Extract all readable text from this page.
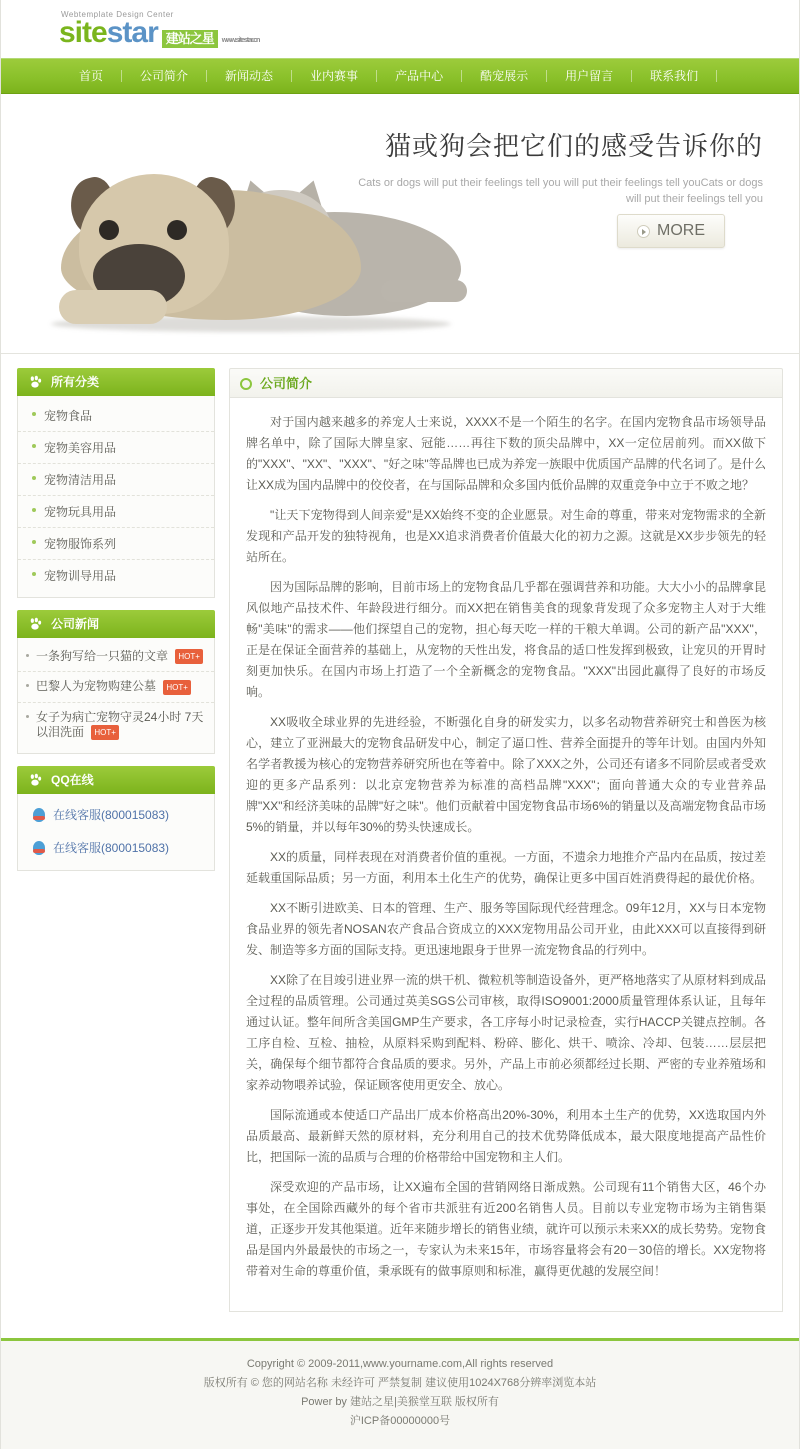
Webtemplate Design Center
sitestar 建站之星 www.sitestar.cn
首页	公司简介	新闻动态	业内赛事	产品中心	酷宠展示	用户留言	联系我们
猫或狗会把它们的感受告诉你的

Cats or dogs will put their feelings tell you will put their feelings tell youCats or dogs will put their feelings tell you

MORE
所有分类
宠物食品
宠物美容用品
宠物清洁用品
宠物玩具用品
宠物服饰系列
宠物训导用品
公司新闻
一条狗写给一只猫的文章 HOT+
巴黎人为宠物购建公墓 HOT+
女子为病亡宠物守灵24小时 7天以泪洗面 HOT+
QQ在线
在线客服(800015083)
在线客服(800015083)
公司简介

对于国内越来越多的养宠人士来说，XXXX不是一个陌生的名字。在国内宠物食品市场领导品牌名单中，除了国际大牌皇家、冠能……再往下数的顶尖品牌中，XX一定位居前列。而XX做下的"XXX"、"XX"、"XXX"、"好之味"等品牌也已成为养宠一族眼中优质国产品牌的代名词了。是什么让XX成为国内品牌中的佼佼者，在与国际品牌和众多国内低价品牌的双重竞争中立于不败之地？

"让天下宠物得到人间亲爱"是XX始终不变的企业愿景。对生命的尊重，带来对宠物需求的全新发现和产品开发的独特视角，也是XX追求消费者价值最大化的初力之源。这就是XX步步领先的轻站所在。

因为国际品牌的影响，目前市场上的宠物食品几乎都在强调营养和功能。大大小小的品牌拿昆风似地产品技术件、年龄段进行细分。而XX把在销售美食的现象背发现了众多宠物主人对于大维畅"美味"的需求——他们探望自己的宠物，担心每天吃一样的干粮大单调。公司的新产品"XXX"，正是在保证全面营养的基础上，从宠物的天性出发，将食品的适口性发挥到极致，让宠贝的开胃时刻更加快乐。在国内市场上打造了一个全新概念的宠物食品。"XXX"出园此赢得了良好的市场反响。

XX吸收全球业界的先进经验，不断强化自身的研发实力，以多名动物营养研究士和兽医为核心，建立了亚洲最大的宠物食品研发中心，制定了逼口性、营养全面提升的等年计划。由国内外知名学者教援为核心的宠物营养研究所也在等着中。除了XXX之外，公司还有诸多不同阶层或者受欢迎的更多产品系列：以北京宠物营养为标准的高档品牌"XXX"；面向普通大众的专业营养品牌"XX"和经济美味的品牌"好之味"。他们贡献着中国宠物食品市场6%的销量以及高端宠物食品市场5%的销量，并以每年30%的势头快速成长。

XX的质量，同样表现在对消费者价值的重视。一方面，不遗余力地推介产品内在品质，按过差延载重国际品质；另一方面，利用本土化生产的优势，确保让更多中国百姓消费得起的最优价格。

XX不断引进欧美、日本的管理、生产、服务等国际现代经营理念。09年12月，XX与日本宠物食品业界的领先者NOSAN农产食品合资成立的XXX宠物用品公司开业，由此XXX可以直接得到研发、制造等多方面的国际支持。更迅速地跟身于世界一流宠物食品的行列中。

XX除了在目竣引进业界一流的烘干机、微粒机等制造设备外，更严格地落实了从原材料到成品全过程的品质管理。公司通过英美SGS公司审核，取得ISO9001:2000质量管理体系认证，且每年通过认证。整年间所含美国GMP生产要求，各工序每小时记录检查，实行HACCP关键点控制。各工序自检、互检、抽检，从原料采购到配料、粉碎、膨化、烘干、喷涂、冷却、包装……层层把关，确保每个细节都符合食品质的要求。另外，产品上市前必须都经过长期、严密的专业养殖场和家养动物喂养试验，保证顾客使用更安全、放心。

国际流通或本使适口产品出厂成本价格高出20%-30%，利用本土生产的优势，XX选取国内外品质最高、最新鲜天然的原材料，充分利用自己的技术优势降低成本，最大限度地提高产品性价比，把国际一流的品质与合理的价格带给中国宠物和主人们。

深受欢迎的产品市场，让XX遍布全国的营销网络日渐成熟。公司现有11个销售大区，46个办事处，在全国除西藏外的每个省市共派驻有近200名销售人员。目前以专业宠物市场为主销售渠道，正逐步开发其他渠道。近年来随步增长的销售业绩，就许可以预示未来XX的成长势势。宠物食品是国内外最最快的市场之一，专家认为未来15年，市场容量将会有20－30倍的增长。XX宠物将带着对生命的尊重价值，秉承既有的做事原则和标准，赢得更优越的发展空间！

Copyright © 2009-2011,www.yourname.com,All rights reserved
版权所有 © 您的网站名称 未经许可 严禁复制 建议使用1024X768分辨率浏览本站
Power by 建站之星|美猴堂互联 版权所有
沪ICP备00000000号
